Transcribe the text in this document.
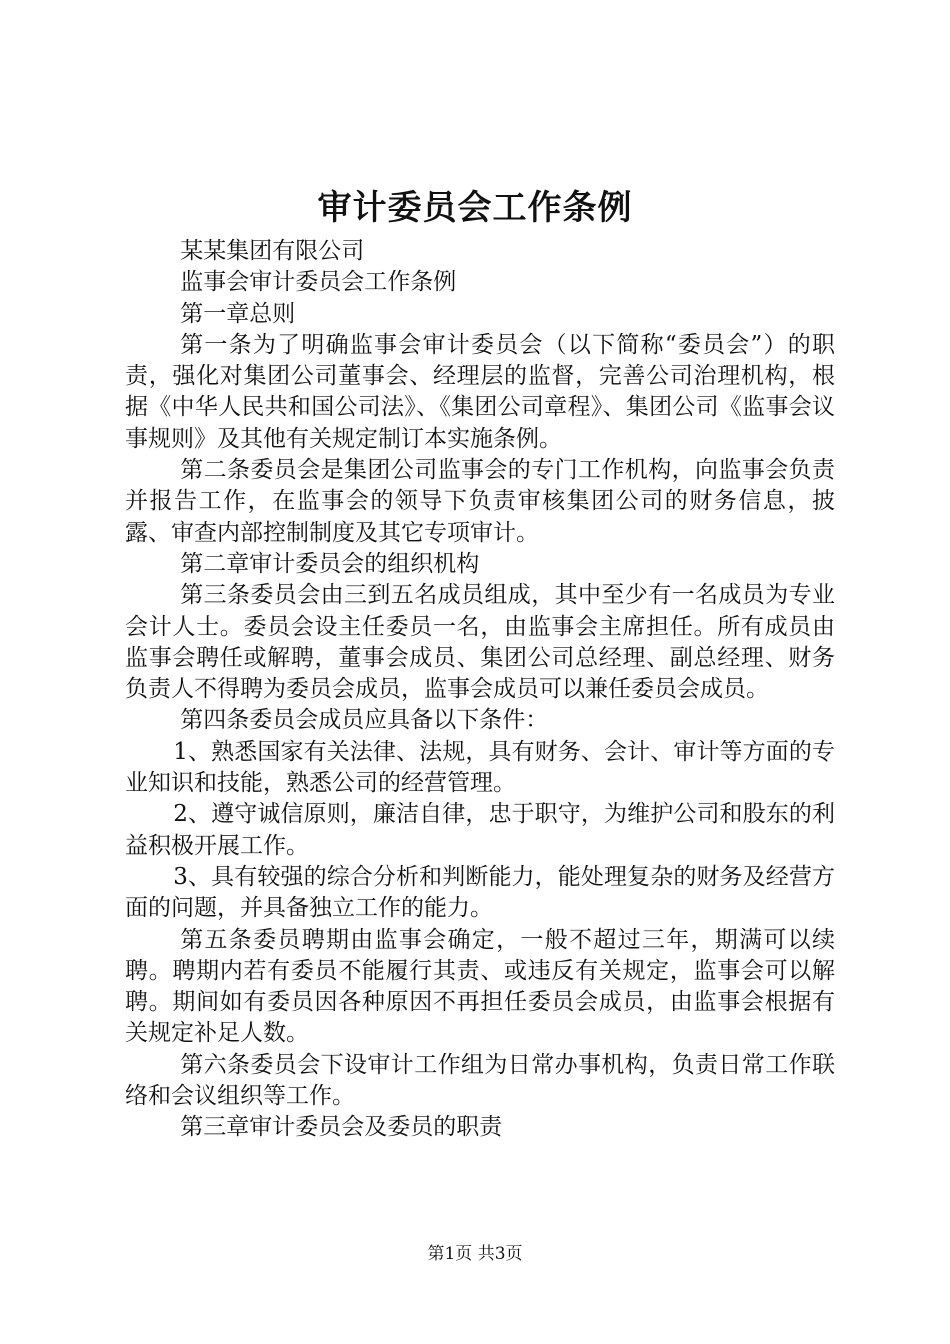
审计委员会工作条例

某某集团有限公司

监事会审计委员会工作条例

第一章总则

第一条为了明确监事会审计委员会（以下简称“委员会”）的职责，强化对集团公司董事会、经理层的监督，完善公司治理机构，根据《中华人民共和国公司法》、《集团公司章程》、集团公司《监事会议事规则》及其他有关规定制订本实施条例。

第二条委员会是集团公司监事会的专门工作机构，向监事会负责并报告工作，在监事会的领导下负责审核集团公司的财务信息，披露、审查内部控制制度及其它专项审计。

第二章审计委员会的组织机构

第三条委员会由三到五名成员组成，其中至少有一名成员为专业会计人士。委员会设主任委员一名，由监事会主席担任。所有成员由监事会聘任或解聘，董事会成员、集团公司总经理、副总经理、财务负责人不得聘为委员会成员，监事会成员可以兼任委员会成员。

第四条委员会成员应具备以下条件：

1、熟悉国家有关法律、法规，具有财务、会计、审计等方面的专业知识和技能，熟悉公司的经营管理。

2、遵守诚信原则，廉洁自律，忠于职守，为维护公司和股东的利益积极开展工作。

3、具有较强的综合分析和判断能力，能处理复杂的财务及经营方面的问题，并具备独立工作的能力。

第五条委员聘期由监事会确定，一般不超过三年，期满可以续聘。聘期内若有委员不能履行其责、或违反有关规定，监事会可以解聘。期间如有委员因各种原因不再担任委员会成员，由监事会根据有关规定补足人数。

第六条委员会下设审计工作组为日常办事机构，负责日常工作联络和会议组织等工作。

第三章审计委员会及委员的职责

第1页 共3页
